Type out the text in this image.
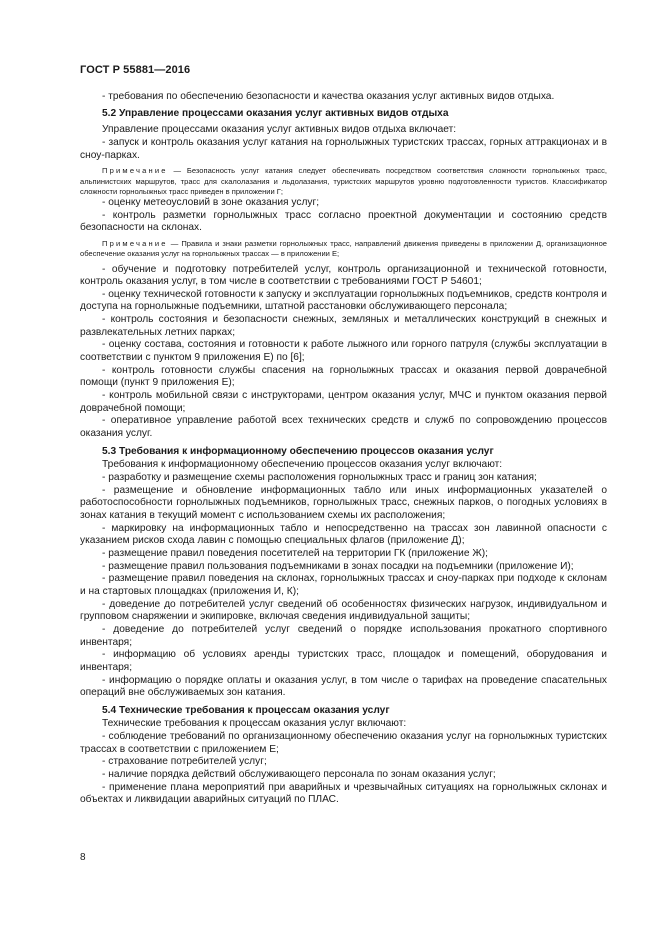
ГОСТ Р 55881—2016

- требования по обеспечению безопасности и качества оказания услуг активных видов отдыха.

5.2 Управление процессами оказания услуг активных видов отдыха

Управление процессами оказания услуг активных видов отдыха включает:

- запуск и контроль оказания услуг катания на горнолыжных туристских трассах, горных аттракционах и в сноу-парках.

Примечание — Безопасность услуг катания следует обеспечивать посредством соответствия сложности горнолыжных трасс, альпинистских маршрутов, трасс для скалолазания и льдолазания, туристских маршрутов уровню подготовленности туристов. Классификатор сложности горнолыжных трасс приведен в приложении Г;

- оценку метеоусловий в зоне оказания услуг;

- контроль разметки горнолыжных трасс согласно проектной документации и состоянию средств безопасности на склонах.

Примечание — Правила и знаки разметки горнолыжных трасс, направлений движения приведены в приложении Д, организационное обеспечение оказания услуг на горнолыжных трассах — в приложении Е;

- обучение и подготовку потребителей услуг, контроль организационной и технической готовности, контроль оказания услуг, в том числе в соответствии с требованиями ГОСТ Р 54601;

- оценку технической готовности к запуску и эксплуатации горнолыжных подъемников, средств контроля и доступа на горнолыжные подъемники, штатной расстановки обслуживающего персонала;

- контроль состояния и безопасности снежных, земляных и металлических конструкций в снежных и развлекательных летних парках;

- оценку состава, состояния и готовности к работе лыжного или горного патруля (службы эксплуатации в соответствии с пунктом 9 приложения Е) по [6];

- контроль готовности службы спасения на горнолыжных трассах и оказания первой доврачебной помощи (пункт 9 приложения Е);

- контроль мобильной связи с инструкторами, центром оказания услуг, МЧС и пунктом оказания первой доврачебной помощи;

- оперативное управление работой всех технических средств и служб по сопровождению процессов оказания услуг.

5.3 Требования к информационному обеспечению процессов оказания услуг

Требования к информационному обеспечению процессов оказания услуг включают:

- разработку и размещение схемы расположения горнолыжных трасс и границ зон катания;

- размещение и обновление информационных табло или иных информационных указателей о работоспособности горнолыжных подъемников, горнолыжных трасс, снежных парков, о погодных условиях в зонах катания в текущий момент с использованием схемы их расположения;

- маркировку на информационных табло и непосредственно на трассах зон лавинной опасности с указанием рисков схода лавин с помощью специальных флагов (приложение Д);

- размещение правил поведения посетителей на территории ГК (приложение Ж);

- размещение правил пользования подъемниками в зонах посадки на подъемники (приложение И);

- размещение правил поведения на склонах, горнолыжных трассах и сноу-парках при подходе к склонам и на стартовых площадках (приложения И, К);

- доведение до потребителей услуг сведений об особенностях физических нагрузок, индивидуальном и групповом снаряжении и экипировке, включая сведения индивидуальной защиты;

- доведение до потребителей услуг сведений о порядке использования прокатного спортивного инвентаря;

- информацию об условиях аренды туристских трасс, площадок и помещений, оборудования и инвентаря;

- информацию о порядке оплаты и оказания услуг, в том числе о тарифах на проведение спасательных операций вне обслуживаемых зон катания.

5.4 Технические требования к процессам оказания услуг

Технические требования к процессам оказания услуг включают:

- соблюдение требований по организационному обеспечению оказания услуг на горнолыжных туристских трассах в соответствии с приложением Е;

- страхование потребителей услуг;

- наличие порядка действий обслуживающего персонала по зонам оказания услуг;

- применение плана мероприятий при аварийных и чрезвычайных ситуациях на горнолыжных склонах и объектах и ликвидации аварийных ситуаций по ПЛАС.

8
